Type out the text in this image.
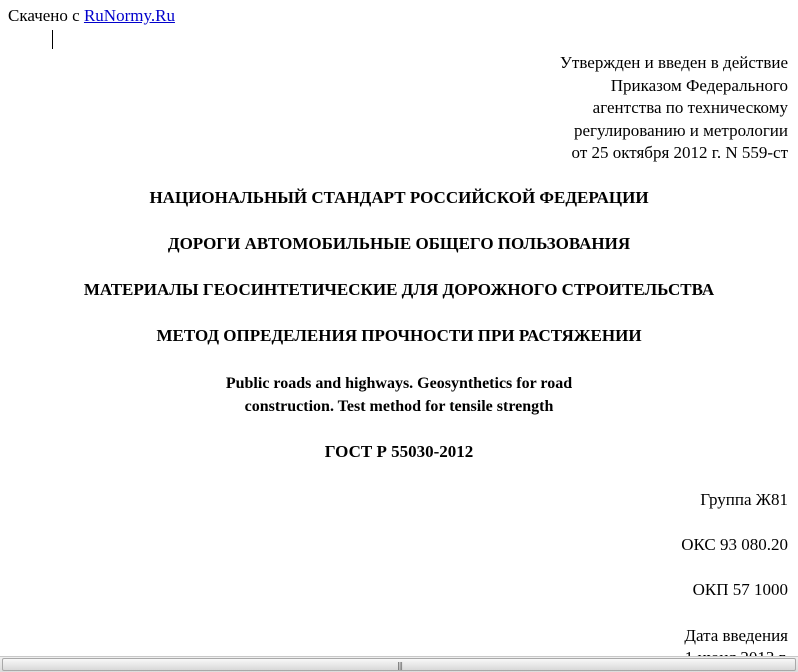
Скачено с RuNormy.Ru
Утвержден и введен в действие
Приказом Федерального
агентства по техническому
регулированию и метрологии
от 25 октября 2012 г. N 559-ст
НАЦИОНАЛЬНЫЙ СТАНДАРТ РОССИЙСКОЙ ФЕДЕРАЦИИ
ДОРОГИ АВТОМОБИЛЬНЫЕ ОБЩЕГО ПОЛЬЗОВАНИЯ
МАТЕРИАЛЫ ГЕОСИНТЕТИЧЕСКИЕ ДЛЯ ДОРОЖНОГО СТРОИТЕЛЬСТВА
МЕТОД ОПРЕДЕЛЕНИЯ ПРОЧНОСТИ ПРИ РАСТЯЖЕНИИ
Public roads and highways. Geosynthetics for road
construction. Test method for tensile strength
ГОСТ Р 55030-2012
Группа Ж81
ОКС 93 080.20
ОКП 57 1000
Дата введения
|||
